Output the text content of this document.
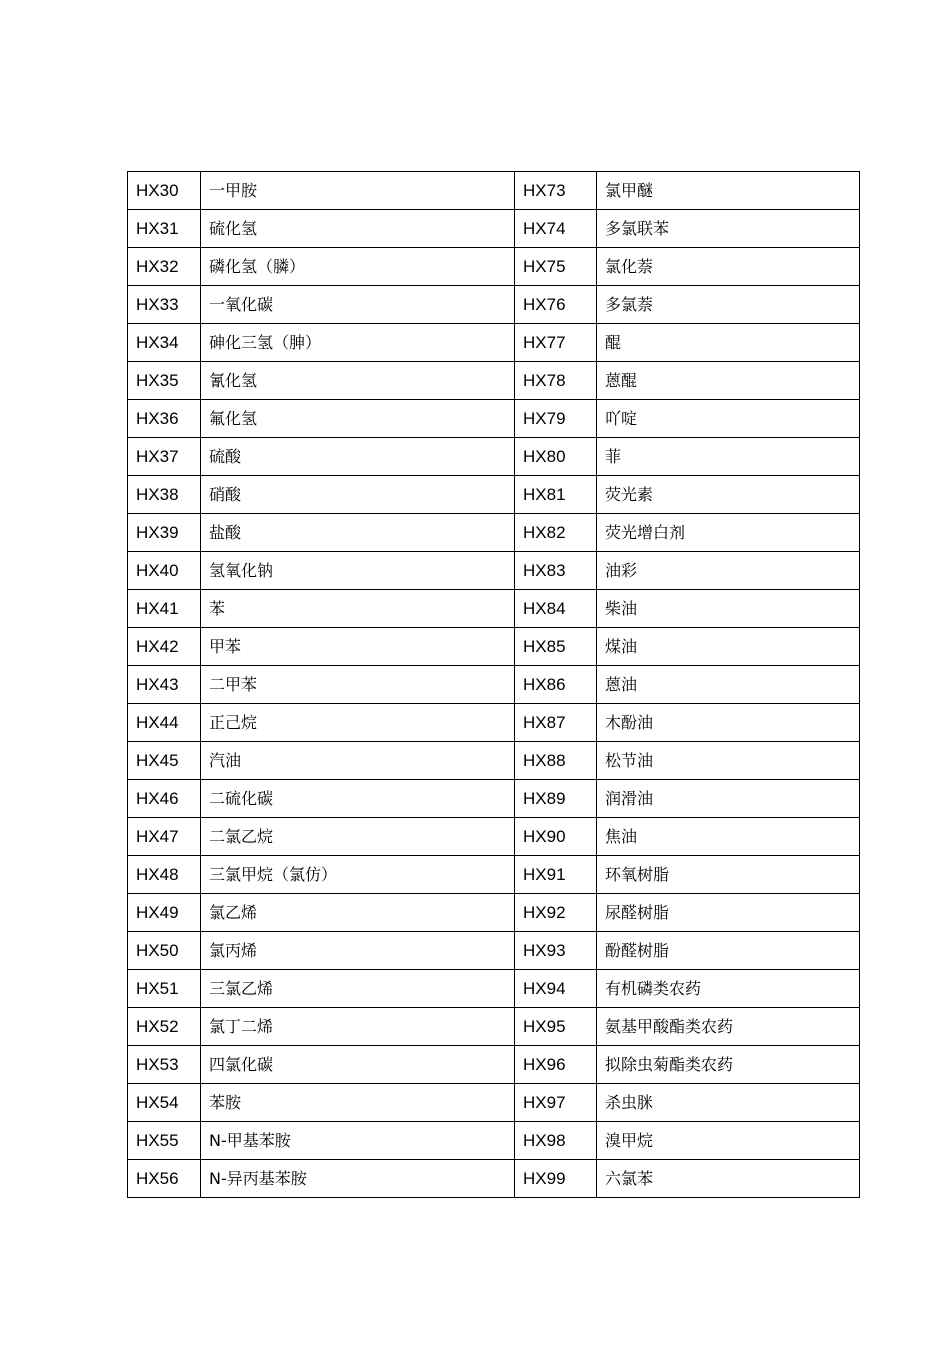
HX30	一甲胺	HX73	氯甲醚
HX31	硫化氢	HX74	多氯联苯
HX32	磷化氢（膦）	HX75	氯化萘
HX33	一氧化碳	HX76	多氯萘
HX34	砷化三氢（胂）	HX77	醌
HX35	氰化氢	HX78	蒽醌
HX36	氟化氢	HX79	吖啶
HX37	硫酸	HX80	菲
HX38	硝酸	HX81	荧光素
HX39	盐酸	HX82	荧光增白剂
HX40	氢氧化钠	HX83	油彩
HX41	苯	HX84	柴油
HX42	甲苯	HX85	煤油
HX43	二甲苯	HX86	蒽油
HX44	正己烷	HX87	木酚油
HX45	汽油	HX88	松节油
HX46	二硫化碳	HX89	润滑油
HX47	二氯乙烷	HX90	焦油
HX48	三氯甲烷（氯仿）	HX91	环氧树脂
HX49	氯乙烯	HX92	尿醛树脂
HX50	氯丙烯	HX93	酚醛树脂
HX51	三氯乙烯	HX94	有机磷类农药
HX52	氯丁二烯	HX95	氨基甲酸酯类农药
HX53	四氯化碳	HX96	拟除虫菊酯类农药
HX54	苯胺	HX97	杀虫脒
HX55	N-甲基苯胺	HX98	溴甲烷
HX56	N-异丙基苯胺	HX99	六氯苯
